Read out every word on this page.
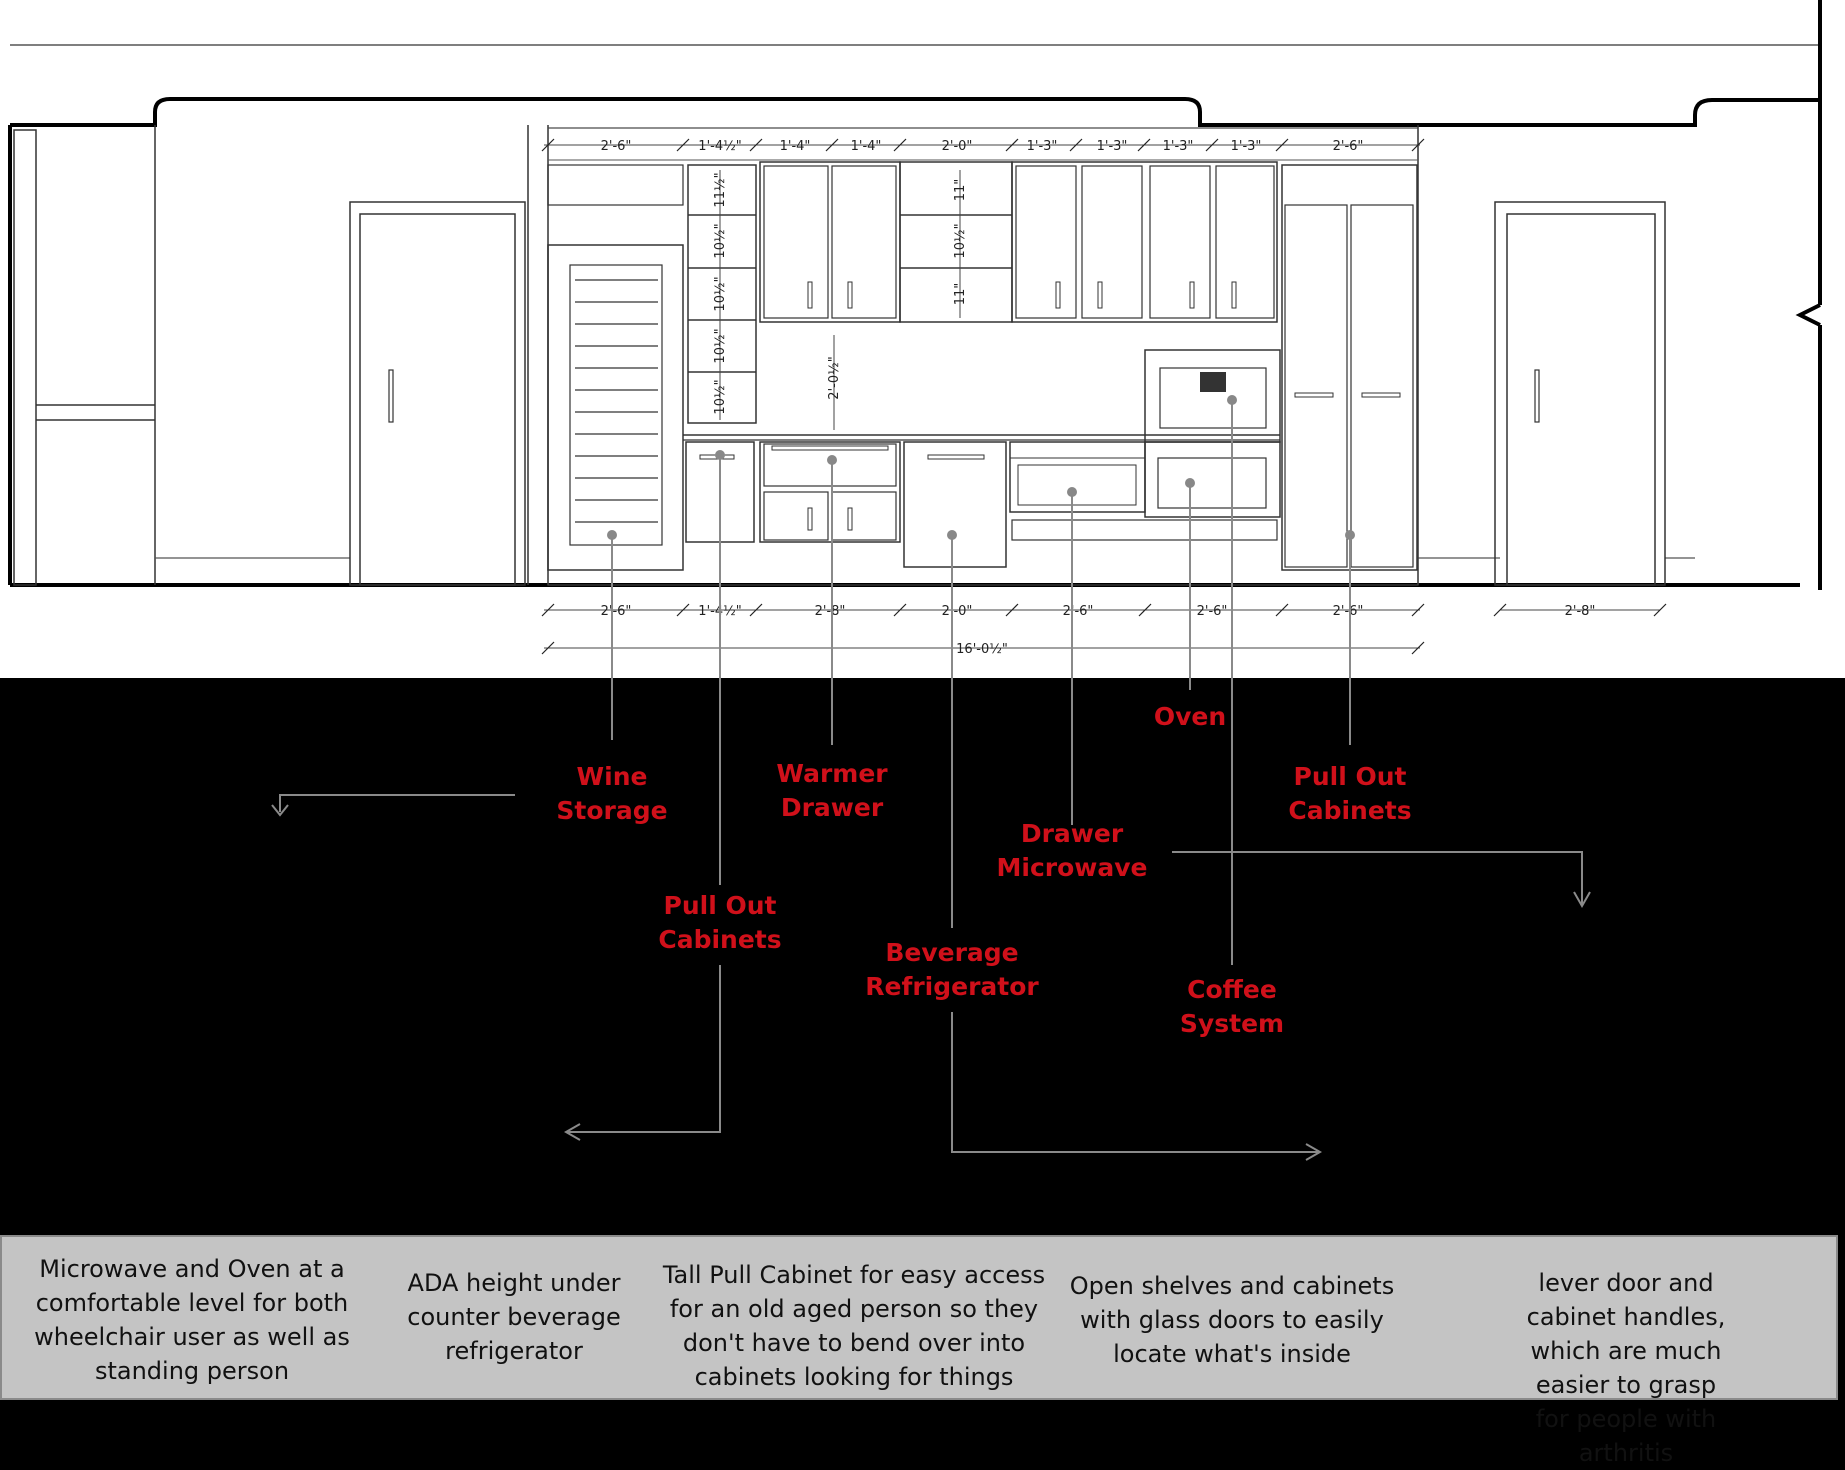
2'-6"	1'-4½"	1'-4"	1'-4"	2'-0"	1'-3"	1'-3"	1'-3"	1'-3"	2'-6"
2'-6"	1'-4½"	2'-8"	2'-0"	2'-6"	2'-6"	2'-6"	2'-8"
16'-0½"
11½"
10½"
10½"
10½"
10½"
11"
10½"
11"
2'-0½"
Wine
Storage
Pull Out
Cabinets
Warmer
Drawer
Beverage
Refrigerator
Drawer
Microwave
Oven
Coffee
System
Pull Out
Cabinets
Microwave and Oven at a
comfortable level for both
wheelchair user as well as
standing person
ADA height under
counter beverage
refrigerator
Tall Pull Cabinet for easy access
for an old aged person so they
don't have to bend over into
cabinets looking for things
Open shelves and cabinets
with glass doors to easily
locate what's inside
lever door and cabinet handles,
which are much easier to grasp
for people with arthritis
